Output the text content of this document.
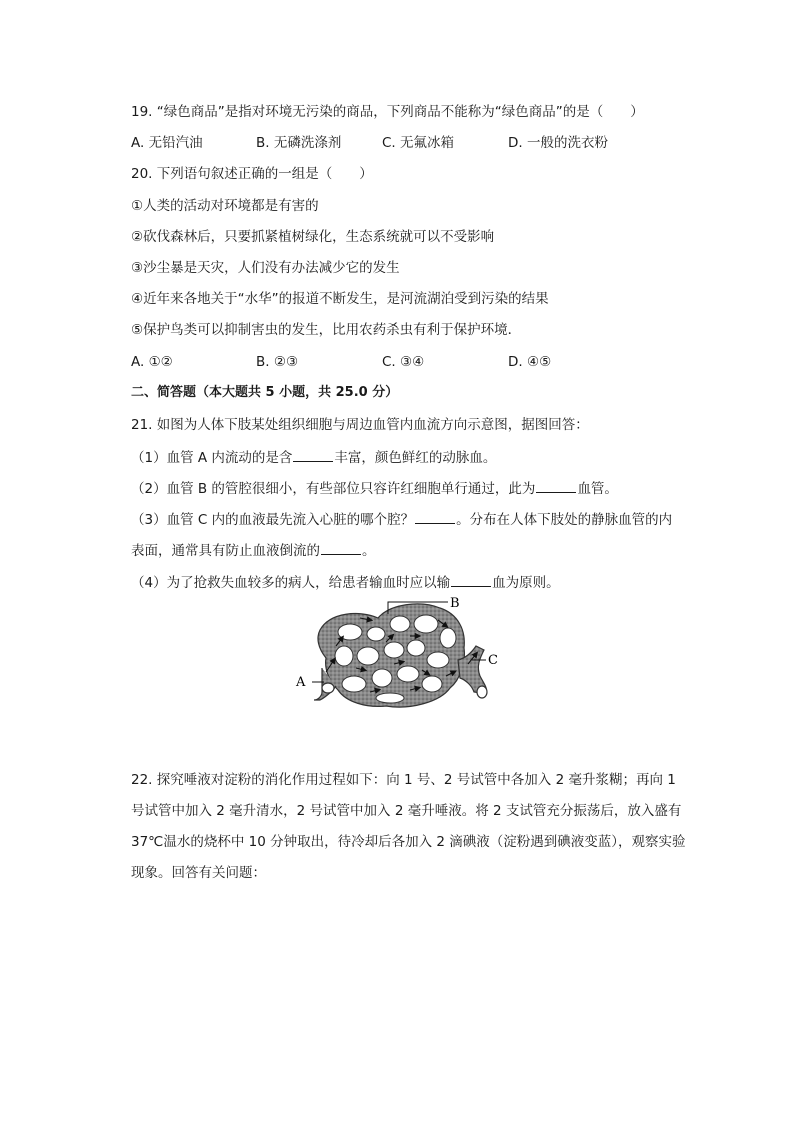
19. “绿色商品”是指对环境无污染的商品，下列商品不能称为“绿色商品”的是（　　）
A. 无铅汽油	B. 无磷洗涤剂	C. 无氟冰箱	D. 一般的洗衣粉
20. 下列语句叙述正确的一组是（　　）
①人类的活动对环境都是有害的
②砍伐森林后，只要抓紧植树绿化，生态系统就可以不受影响
③沙尘暴是天灾，人们没有办法减少它的发生
④近年来各地关于“水华”的报道不断发生，是河流湖泊受到污染的结果
⑤保护鸟类可以抑制害虫的发生，比用农药杀虫有利于保护环境．
A. ①②	B. ②③	C. ③④	D. ④⑤
二、简答题（本大题共 5 小题，共 25.0 分）
21. 如图为人体下肢某处组织细胞与周边血管内血流方向示意图，据图回答：
（1）血管 A 内流动的是含	丰富，颜色鲜红的动脉血。
（2）血管 B 的管腔很细小，有些部位只容许红细胞单行通过，此为	血管。
（3）血管 C 内的血液最先流入心脏的哪个腔？	。分布在人体下肢处的静脉血管的内
表面，通常具有防止血液倒流的	。
（4）为了抢救失血较多的病人，给患者输血时应以输	血为原则。
B
C
A
22. 探究唾液对淀粉的消化作用过程如下：向 1 号、2 号试管中各加入 2 毫升浆糊；再向 1
号试管中加入 2 毫升清水，2 号试管中加入 2 毫升唾液。将 2 支试管充分振荡后，放入盛有
37℃温水的烧杯中 10 分钟取出，待冷却后各加入 2 滴碘液（淀粉遇到碘液变蓝），观察实验
现象。回答有关问题：
